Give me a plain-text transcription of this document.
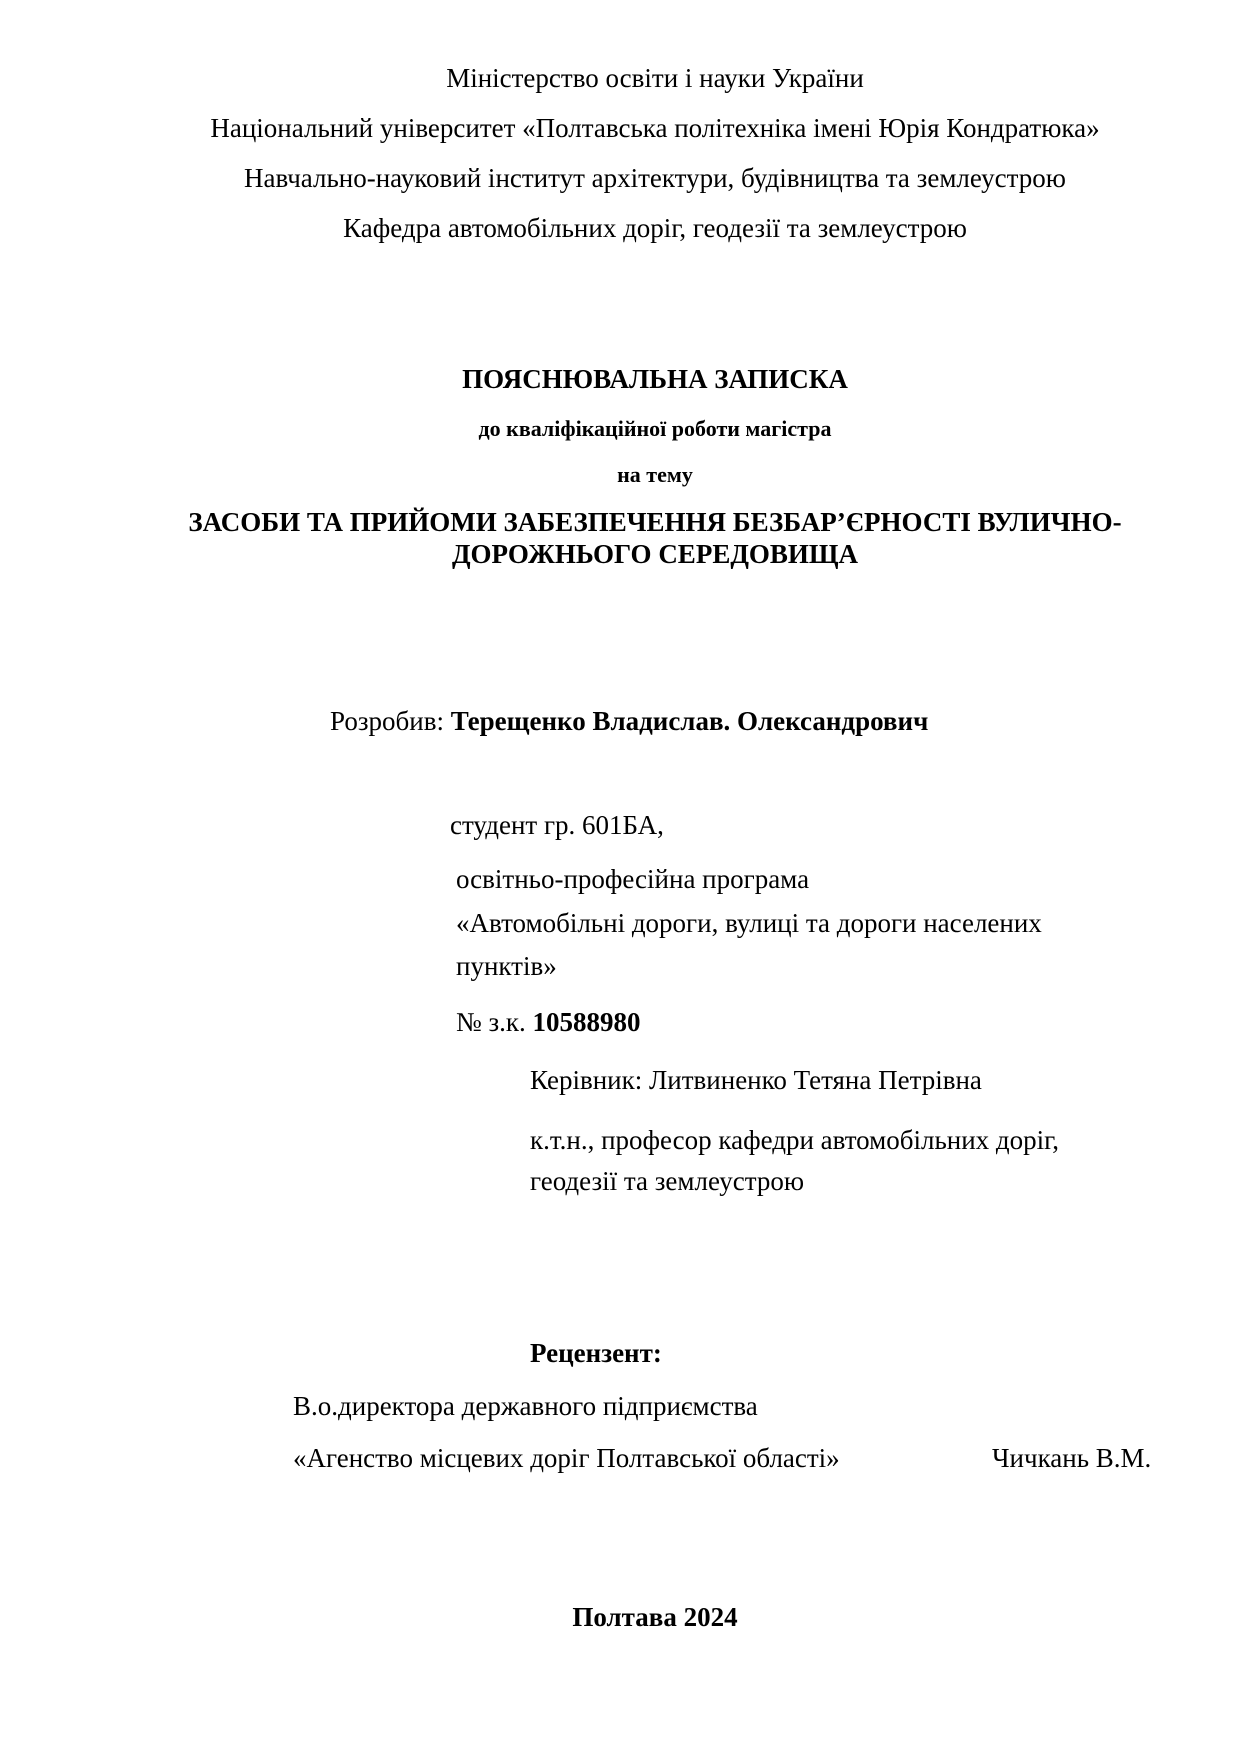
Міністерство освіти і науки України
Національний університет «Полтавська політехніка імені Юрія Кондратюка»
Навчально-науковий інститут архітектури, будівництва та землеустрою
Кафедра автомобільних доріг, геодезії та землеустрою
ПОЯСНЮВАЛЬНА ЗАПИСКА
до кваліфікаційної роботи магістра
на тему
ЗАСОБИ ТА ПРИЙОМИ ЗАБЕЗПЕЧЕННЯ БЕЗБАР’ЄРНОСТІ ВУЛИЧНО-
ДОРОЖНЬОГО СЕРЕДОВИЩА
Розробив: Терещенко Владислав. Олександрович
студент гр. 601БА,
освітньо-професійна програма
«Автомобільні дороги, вулиці та дороги населених
пунктів»
№ з.к. 10588980
Керівник: Литвиненко Тетяна Петрівна
к.т.н., професор кафедри автомобільних доріг,
геодезії та землеустрою
Рецензент:
В.о.директора державного підприємства
«Агенство місцевих доріг Полтавської області»	Чичкань В.М.
Полтава 2024
